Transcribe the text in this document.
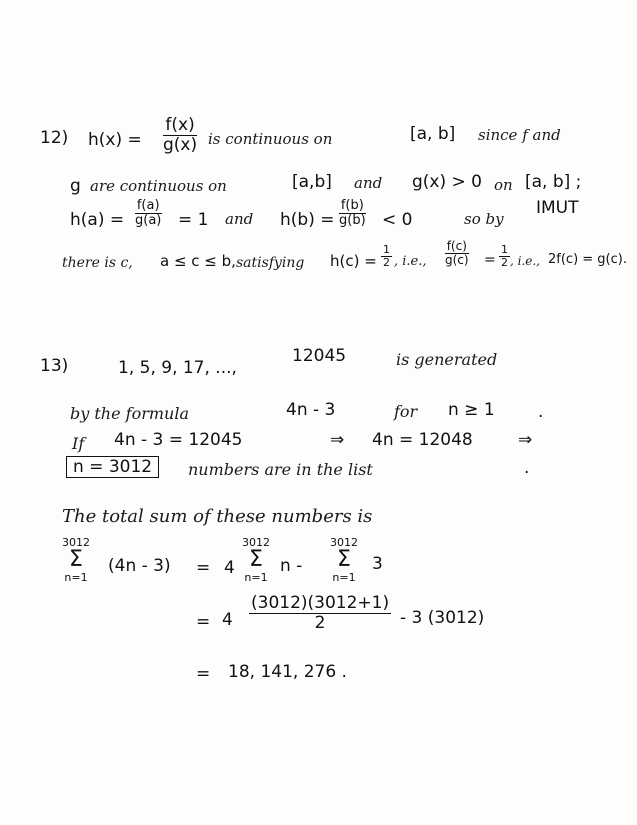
12) $h(x) = \frac{f(x)}{g(x)}$ is continuous on	[a, b] since f and
g are continuous on	[a,b] and g(x) > 0 on [a, b] ;
$h(a) = \frac{f(a)}{g(a)} = 1$ and $h(b) = \frac{f(b)}{g(b)} < 0$	so by
IMUT
there is c, a ≤ c ≤ b, satisfying $h(c) = \frac{1}{2}$ , i.e., $\frac{f(c)}{g(c)} = \frac{1}{2}$ , i.e., 2f(c) = g(c).
13)	1, 5, 9, 17, ...,
12045	is generated
by the formula	4n - 3	for n ≥ 1	.
If 4n - 3 = 12045	⇒ 4n = 12048	⇒
n = 3012	numbers are in the list	.
The total sum of these numbers is
3012
Σ
n=1
(4n - 3) = 4
3012
Σ
n=1
n -
3012
Σ
n=1
3
= $4 \frac{(3012)(3012+1)}{2} - 3$ (3012)
= 18, 141, 276 .
